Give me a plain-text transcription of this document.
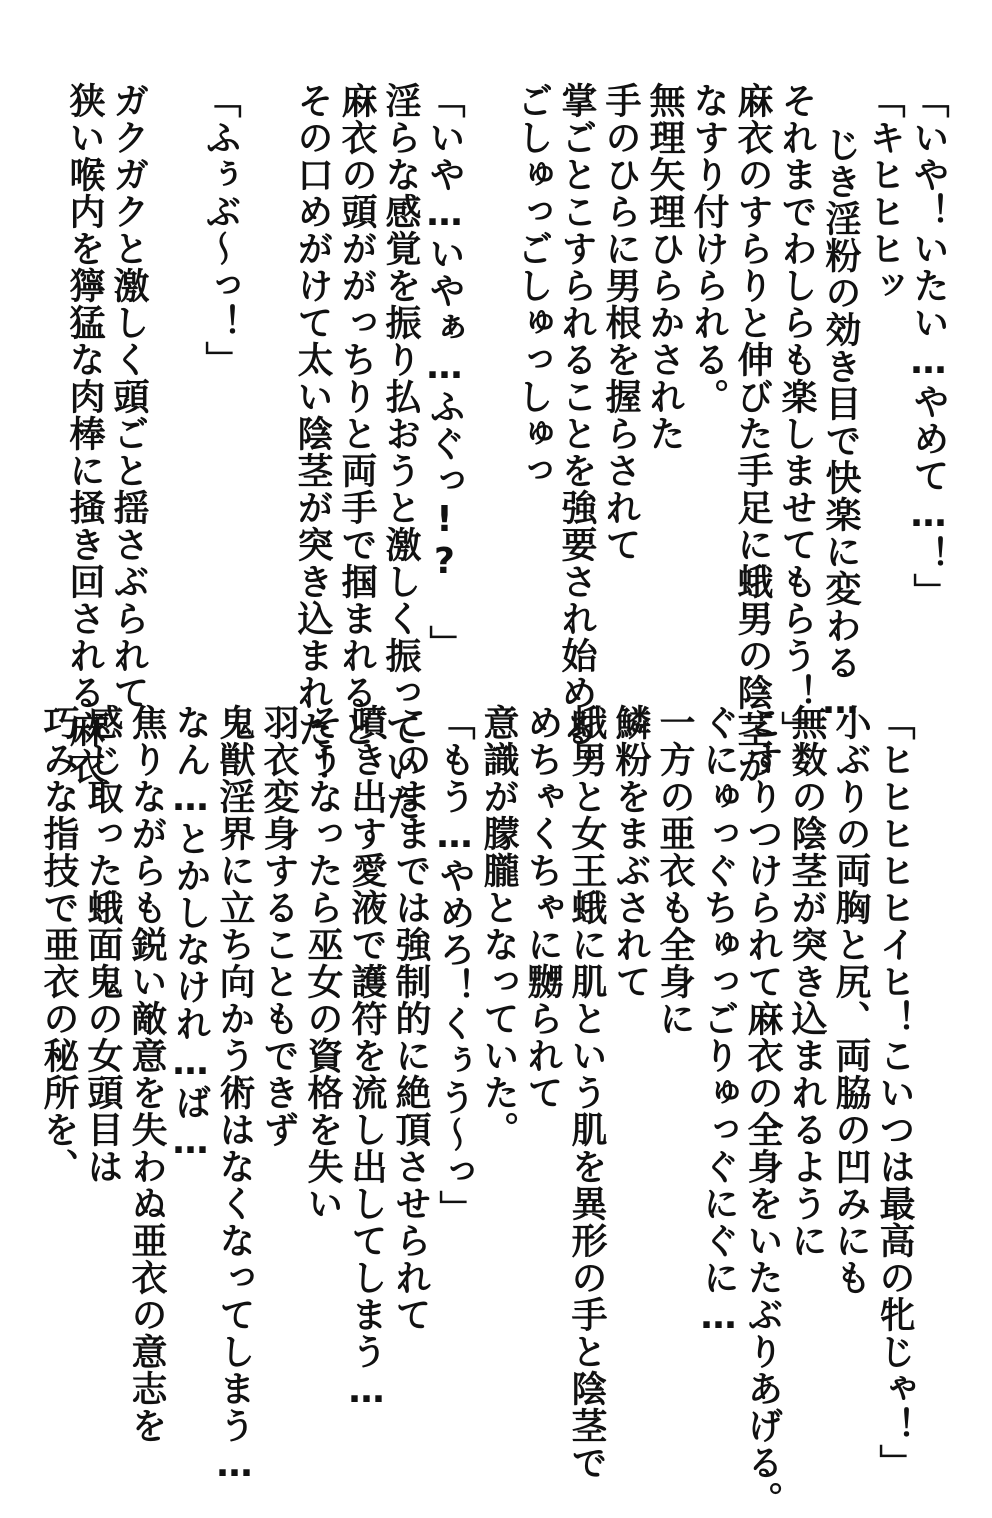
「いや！いたい…やめて…！」
「キヒヒヒッ
じき淫粉の効き目で快楽に変わる…
それまでわしらも楽しませてもらう！」
麻衣のすらりと伸びた手足に蛾男の陰茎が
なすり付けられる。
無理矢理ひらかされた
手のひらに男根を握らされて
掌ごとこすられることを強要され始める。
ごしゅっごしゅっしゅっ
「いや…いやぁ…ふぐっ!? 」
淫らな感覚を振り払おうと激しく振っていた
麻衣の頭ががっちりと両手で掴まれると
その口めがけて太い陰茎が突き込まれた！
「ふぅぶ〜っ！」
ガクガクと激しく頭ごと揺さぶられて
狭い喉内を獰猛な肉棒に掻き回される麻衣。
「ヒヒヒヒヒイヒ！こいつは最高の牝じゃ！」
小ぶりの両胸と尻、両脇の凹みにも
無数の陰茎が突き込まれるように
こすりつけられて麻衣の全身をいたぶりあげる。
ぐにゅっぐちゅっごりゅっぐにぐに…
一方の亜衣も全身に
鱗粉をまぶされて
蛾男と女王蛾に肌という肌を異形の手と陰茎で
めちゃくちゃに嬲られて
意識が朦朧となっていた。
「もう…やめろ！くぅう〜っ」
このままでは強制的に絶頂させられて
噴き出す愛液で護符を流し出してしまう…
そうなったら巫女の資格を失い
羽衣変身することもできず
鬼獣淫界に立ち向かう術はなくなってしまう…
なん…とかしなけれ…ば…
焦りながらも鋭い敵意を失わぬ亜衣の意志を
感じ取った蛾面鬼の女頭目は
巧みな指技で亜衣の秘所を、
